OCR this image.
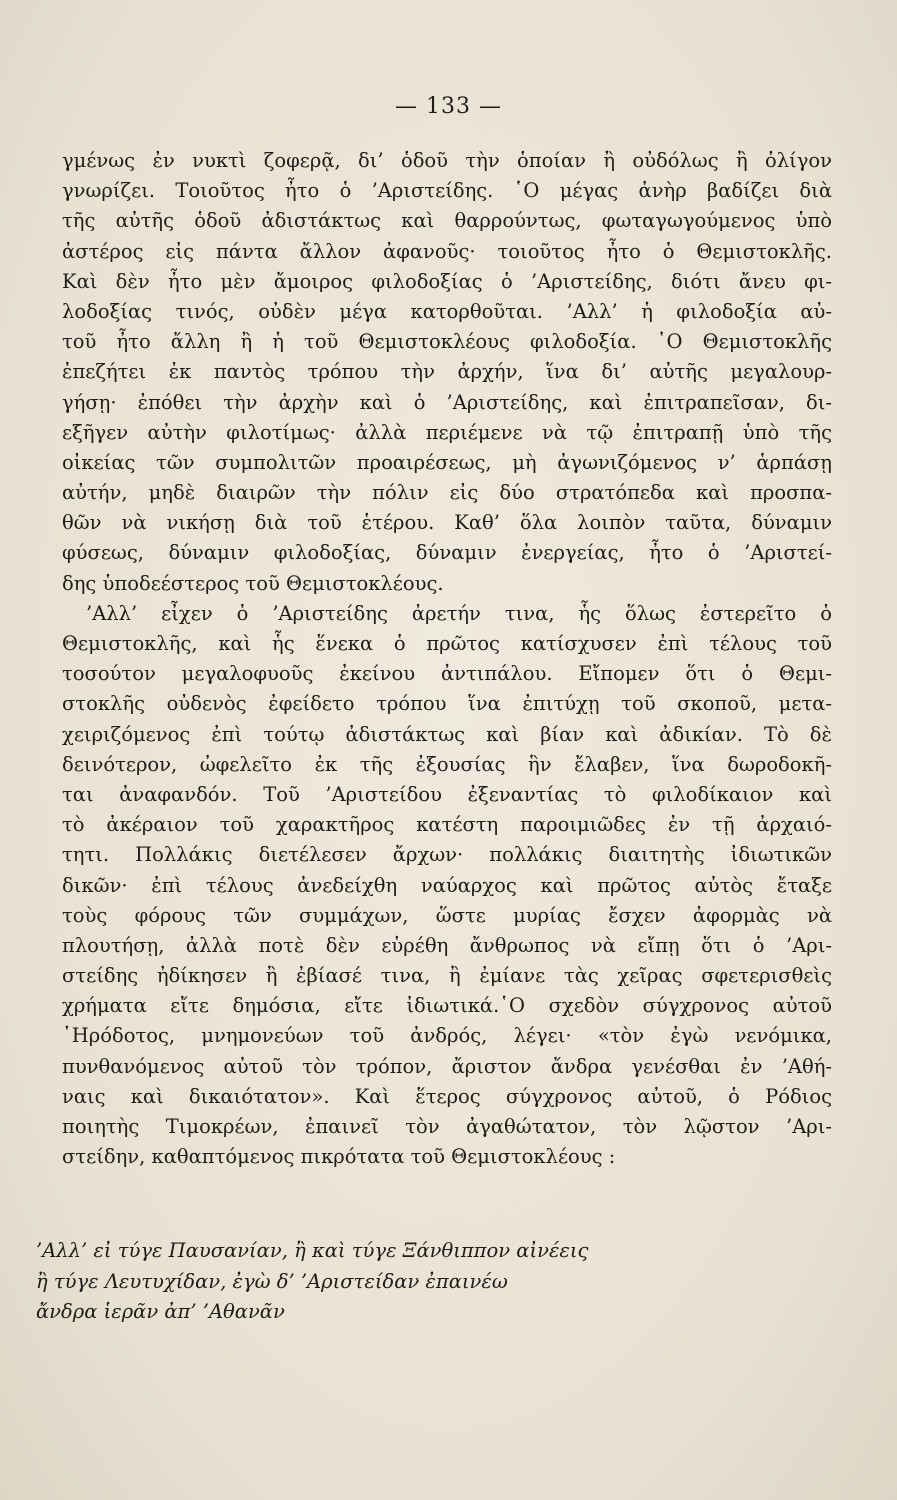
— 133 —
γμένως ἐν νυκτὶ ζοφερᾷ, δι’ ὁδοῦ τὴν ὁποίαν ἢ οὐδόλως ἢ ὀλίγον
γνωρίζει. Τοιοῦτος ἦτο ὁ ’Αριστείδης. ῾Ο μέγας ἀνὴρ βαδίζει διὰ
τῆς αὐτῆς ὁδοῦ ἀδιστάκτως καὶ θαρρούντως, φωταγωγούμενος ὑπὸ
ἀστέρος εἰς πάντα ἄλλον ἀφανοῦς· τοιοῦτος ἦτο ὁ Θεμιστοκλῆς.
Καὶ δὲν ἦτο μὲν ἄμοιρος φιλοδοξίας ὁ ’Αριστείδης, διότι ἄνευ φι-
λοδοξίας τινός, οὐδὲν μέγα κατορθοῦται. ’Αλλ’ ἡ φιλοδοξία αὐ-
τοῦ ἦτο ἄλλη ἢ ἡ τοῦ Θεμιστοκλέους φιλοδοξία. ῾Ο Θεμιστοκλῆς
ἐπεζήτει ἐκ παντὸς τρόπου τὴν ἀρχήν, ἵνα δι’ αὐτῆς μεγαλουρ-
γήσῃ· ἐπόθει τὴν ἀρχὴν καὶ ὁ ’Αριστείδης, καὶ ἐπιτραπεῖσαν, δι-
εξῆγεν αὐτὴν φιλοτίμως· ἀλλὰ περιέμενε νὰ τῷ ἐπιτραπῇ ὑπὸ τῆς
οἰκείας τῶν συμπολιτῶν προαιρέσεως, μὴ ἀγωνιζόμενος ν’ ἁρπάσῃ
αὐτήν, μηδὲ διαιρῶν τὴν πόλιν εἰς δύο στρατόπεδα καὶ προσπα-
θῶν νὰ νικήσῃ διὰ τοῦ ἑτέρου. Καθ’ ὅλα λοιπὸν ταῦτα, δύναμιν
φύσεως, δύναμιν φιλοδοξίας, δύναμιν ἐνεργείας, ἦτο ὁ ’Αριστεί-
δης ὑποδεέστερος τοῦ Θεμιστοκλέους.
’Αλλ’ εἶχεν ὁ ’Αριστείδης ἀρετήν τινα, ἧς ὅλως ἐστερεῖτο ὁ
Θεμιστοκλῆς, καὶ ἧς ἕνεκα ὁ πρῶτος κατίσχυσεν ἐπὶ τέλους τοῦ
τοσούτον μεγαλοφυοῦς ἐκείνου ἀντιπάλου. Εἴπομεν ὅτι ὁ Θεμι-
στοκλῆς οὐδενὸς ἐφείδετο τρόπου ἵνα ἐπιτύχῃ τοῦ σκοποῦ, μετα-
χειριζόμενος ἐπὶ τούτῳ ἀδιστάκτως καὶ βίαν καὶ ἀδικίαν. Τὸ δὲ
δεινότερον, ὠφελεῖτο ἐκ τῆς ἐξουσίας ἣν ἔλαβεν, ἵνα δωροδοκῆ-
ται ἀναφανδόν. Τοῦ ’Αριστείδου ἐξεναντίας τὸ φιλοδίκαιον καὶ
τὸ ἀκέραιον τοῦ χαρακτῆρος κατέστη παροιμιῶδες ἐν τῇ ἀρχαιό-
τητι. Πολλάκις διετέλεσεν ἄρχων· πολλάκις διαιτητὴς ἰδιωτικῶν
δικῶν· ἐπὶ τέλους ἀνεδείχθη ναύαρχος καὶ πρῶτος αὐτὸς ἔταξε
τοὺς φόρους τῶν συμμάχων, ὥστε μυρίας ἔσχεν ἀφορμὰς νὰ
πλουτήσῃ, ἀλλὰ ποτὲ δὲν εὑρέθη ἄνθρωπος νὰ εἴπῃ ὅτι ὁ ’Αρι-
στείδης ἠδίκησεν ἢ ἐβίασέ τινα, ἢ ἐμίανε τὰς χεῖρας σφετερισθεὶς
χρήματα εἴτε δημόσια, εἴτε ἰδιωτικά.῾Ο σχεδὸν σύγχρονος αὐτοῦ
῾Ηρόδοτος, μνημονεύων τοῦ ἀνδρός, λέγει· «τὸν ἐγὼ νενόμικα,
πυνθανόμενος αὐτοῦ τὸν τρόπον, ἄριστον ἄνδρα γενέσθαι ἐν ’Αθή-
ναις καὶ δικαιότατον». Καὶ ἕτερος σύγχρονος αὐτοῦ, ὁ Ρόδιος
ποιητὴς Τιμοκρέων, ἐπαινεῖ τὸν ἀγαθώτατον, τὸν λῷστον ’Αρι-
στείδην, καθαπτόμενος πικρότατα τοῦ Θεμιστοκλέους :
’Αλλ’ εἰ τύγε Παυσανίαν, ἢ καὶ τύγε Ξάνθιππον αἰνέεις
ἢ τύγε Λευτυχίδαν, ἐγὼ δ’ ’Αριστείδαν ἐπαινέω
ἄνδρα ἱερᾶν ἀπ’ ’Αθανᾶν
